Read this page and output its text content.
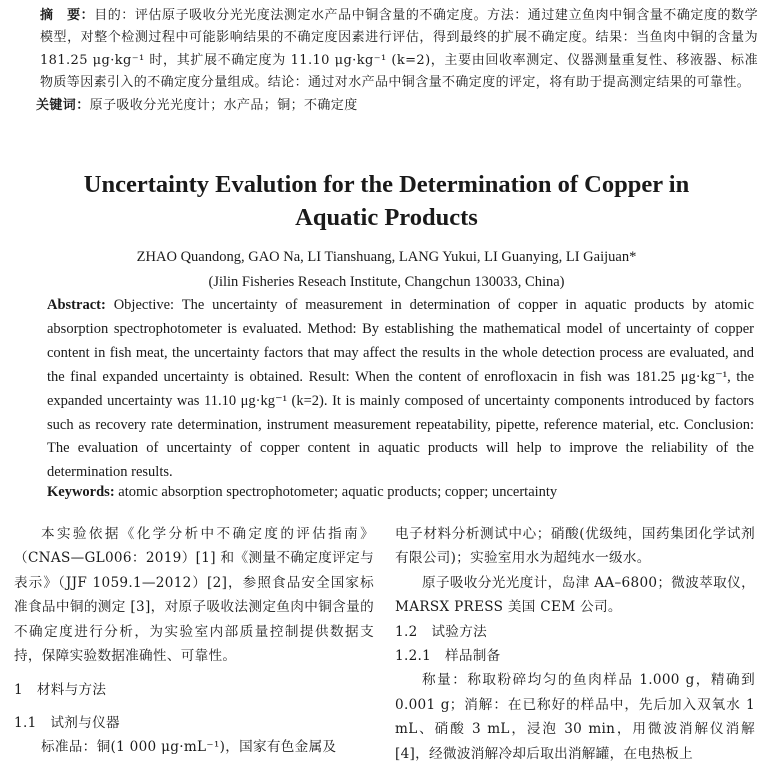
摘　要：目的：评估原子吸收分光光度法测定水产品中铜含量的不确定度。方法：通过建立鱼肉中铜含量不确定度的数学模型，对整个检测过程中可能影响结果的不确定度因素进行评估，得到最终的扩展不确定度。结果：当鱼肉中铜的含量为 181.25 μg·kg⁻¹ 时，其扩展不确定度为 11.10 μg·kg⁻¹ (k=2)，主要由回收率测定、仪器测量重复性、移液器、标准物质等因素引入的不确定度分量组成。结论：通过对水产品中铜含量不确定度的评定，将有助于提高测定结果的可靠性。

关键词：原子吸收分光光度计；水产品；铜；不确定度

Uncertainty Evalution for the Determination of Copper in
Aquatic Products
ZHAO Quandong, GAO Na, LI Tianshuang, LANG Yukui, LI Guanying, LI Gaijuan*
(Jilin Fisheries Reseach Institute, Changchun 130033, China)

Abstract: Objective: The uncertainty of measurement in determination of copper in aquatic products by atomic absorption spectrophotometer is evaluated. Method: By establishing the mathematical model of uncertainty of copper content in fish meat, the uncertainty factors that may affect the results in the whole detection process are evaluated, and the final expanded uncertainty is obtained. Result: When the content of enrofloxacin in fish was 181.25 μg·kg⁻¹, the expanded uncertainty was 11.10 μg·kg⁻¹ (k=2). It is mainly composed of uncertainty components introduced by factors such as recovery rate determination, instrument measurement repeatability, pipette, reference material, etc. Conclusion: The evaluation of uncertainty of copper content in aquatic products will help to improve the reliability of the determination results.

Keywords: atomic absorption spectrophotometer; aquatic products; copper; uncertainty

本实验依据《化学分析中不确定度的评估指南》（CNAS—GL006：2019）[1] 和《测量不确定度评定与表示》（JJF 1059.1—2012）[2]，参照食品安全国家标准食品中铜的测定 [3]，对原子吸收法测定鱼肉中铜含量的不确定度进行分析，为实验室内部质量控制提供数据支持，保障实验数据准确性、可靠性。

1　材料与方法

1.1　试剂与仪器

标准品：铜(1 000 μg·mL⁻¹)，国家有色金属及

电子材料分析测试中心；硝酸(优级纯，国药集团化学试剂有限公司)；实验室用水为超纯水一级水。

原子吸收分光光度计，岛津 AA–6800；微波萃取仪，MARSX PRESS 美国 CEM 公司。

1.2　试验方法

1.2.1　样品制备

称量：称取粉碎均匀的鱼肉样品 1.000 g，精确到 0.001 g；消解：在已称好的样品中，先后加入双氧水 1 mL、硝酸 3 mL，浸泡 30 min，用微波消解仪消解 [4]，经微波消解冷却后取出消解罐，在电热板上
